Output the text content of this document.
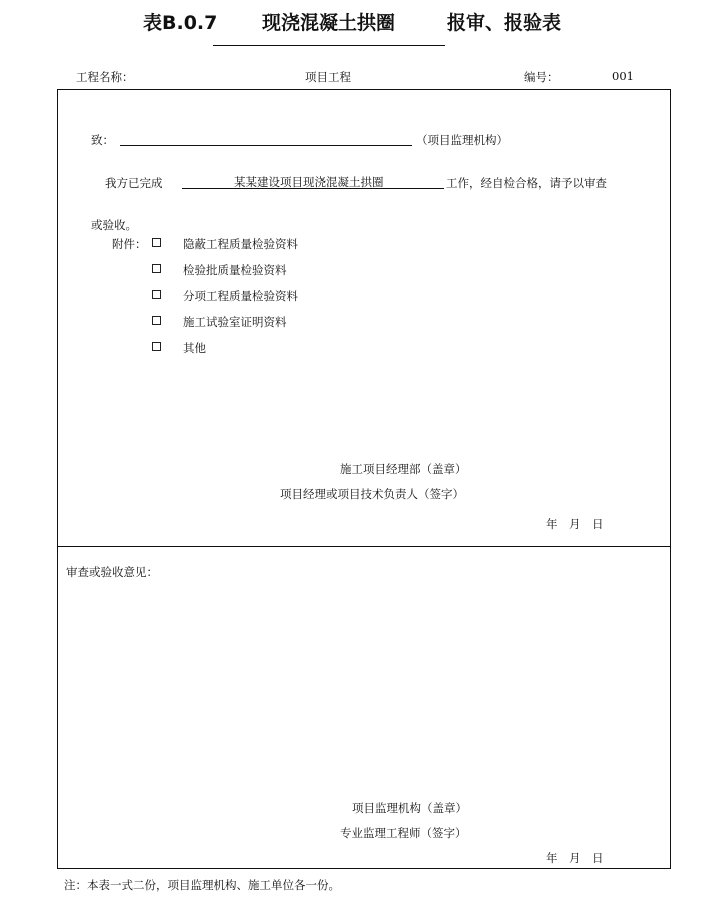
表B.0.7 现浇混凝土拱圈	报审、报验表
工程名称：	项目工程	编号：	001
致：	（项目监理机构）
我方已完成	某某建设项目现浇混凝土拱圈	工作，经自检合格，请予以审查
或验收。
附件：	隐蔽工程质量检验资料
检验批质量检验资料
分项工程质量检验资料
施工试验室证明资料
其他
施工项目经理部（盖章）
项目经理或项目技术负责人（签字）
年　月　日
审查或验收意见：
项目监理机构（盖章）
专业监理工程师（签字）
年　月　日
注：本表一式二份，项目监理机构、施工单位各一份。
